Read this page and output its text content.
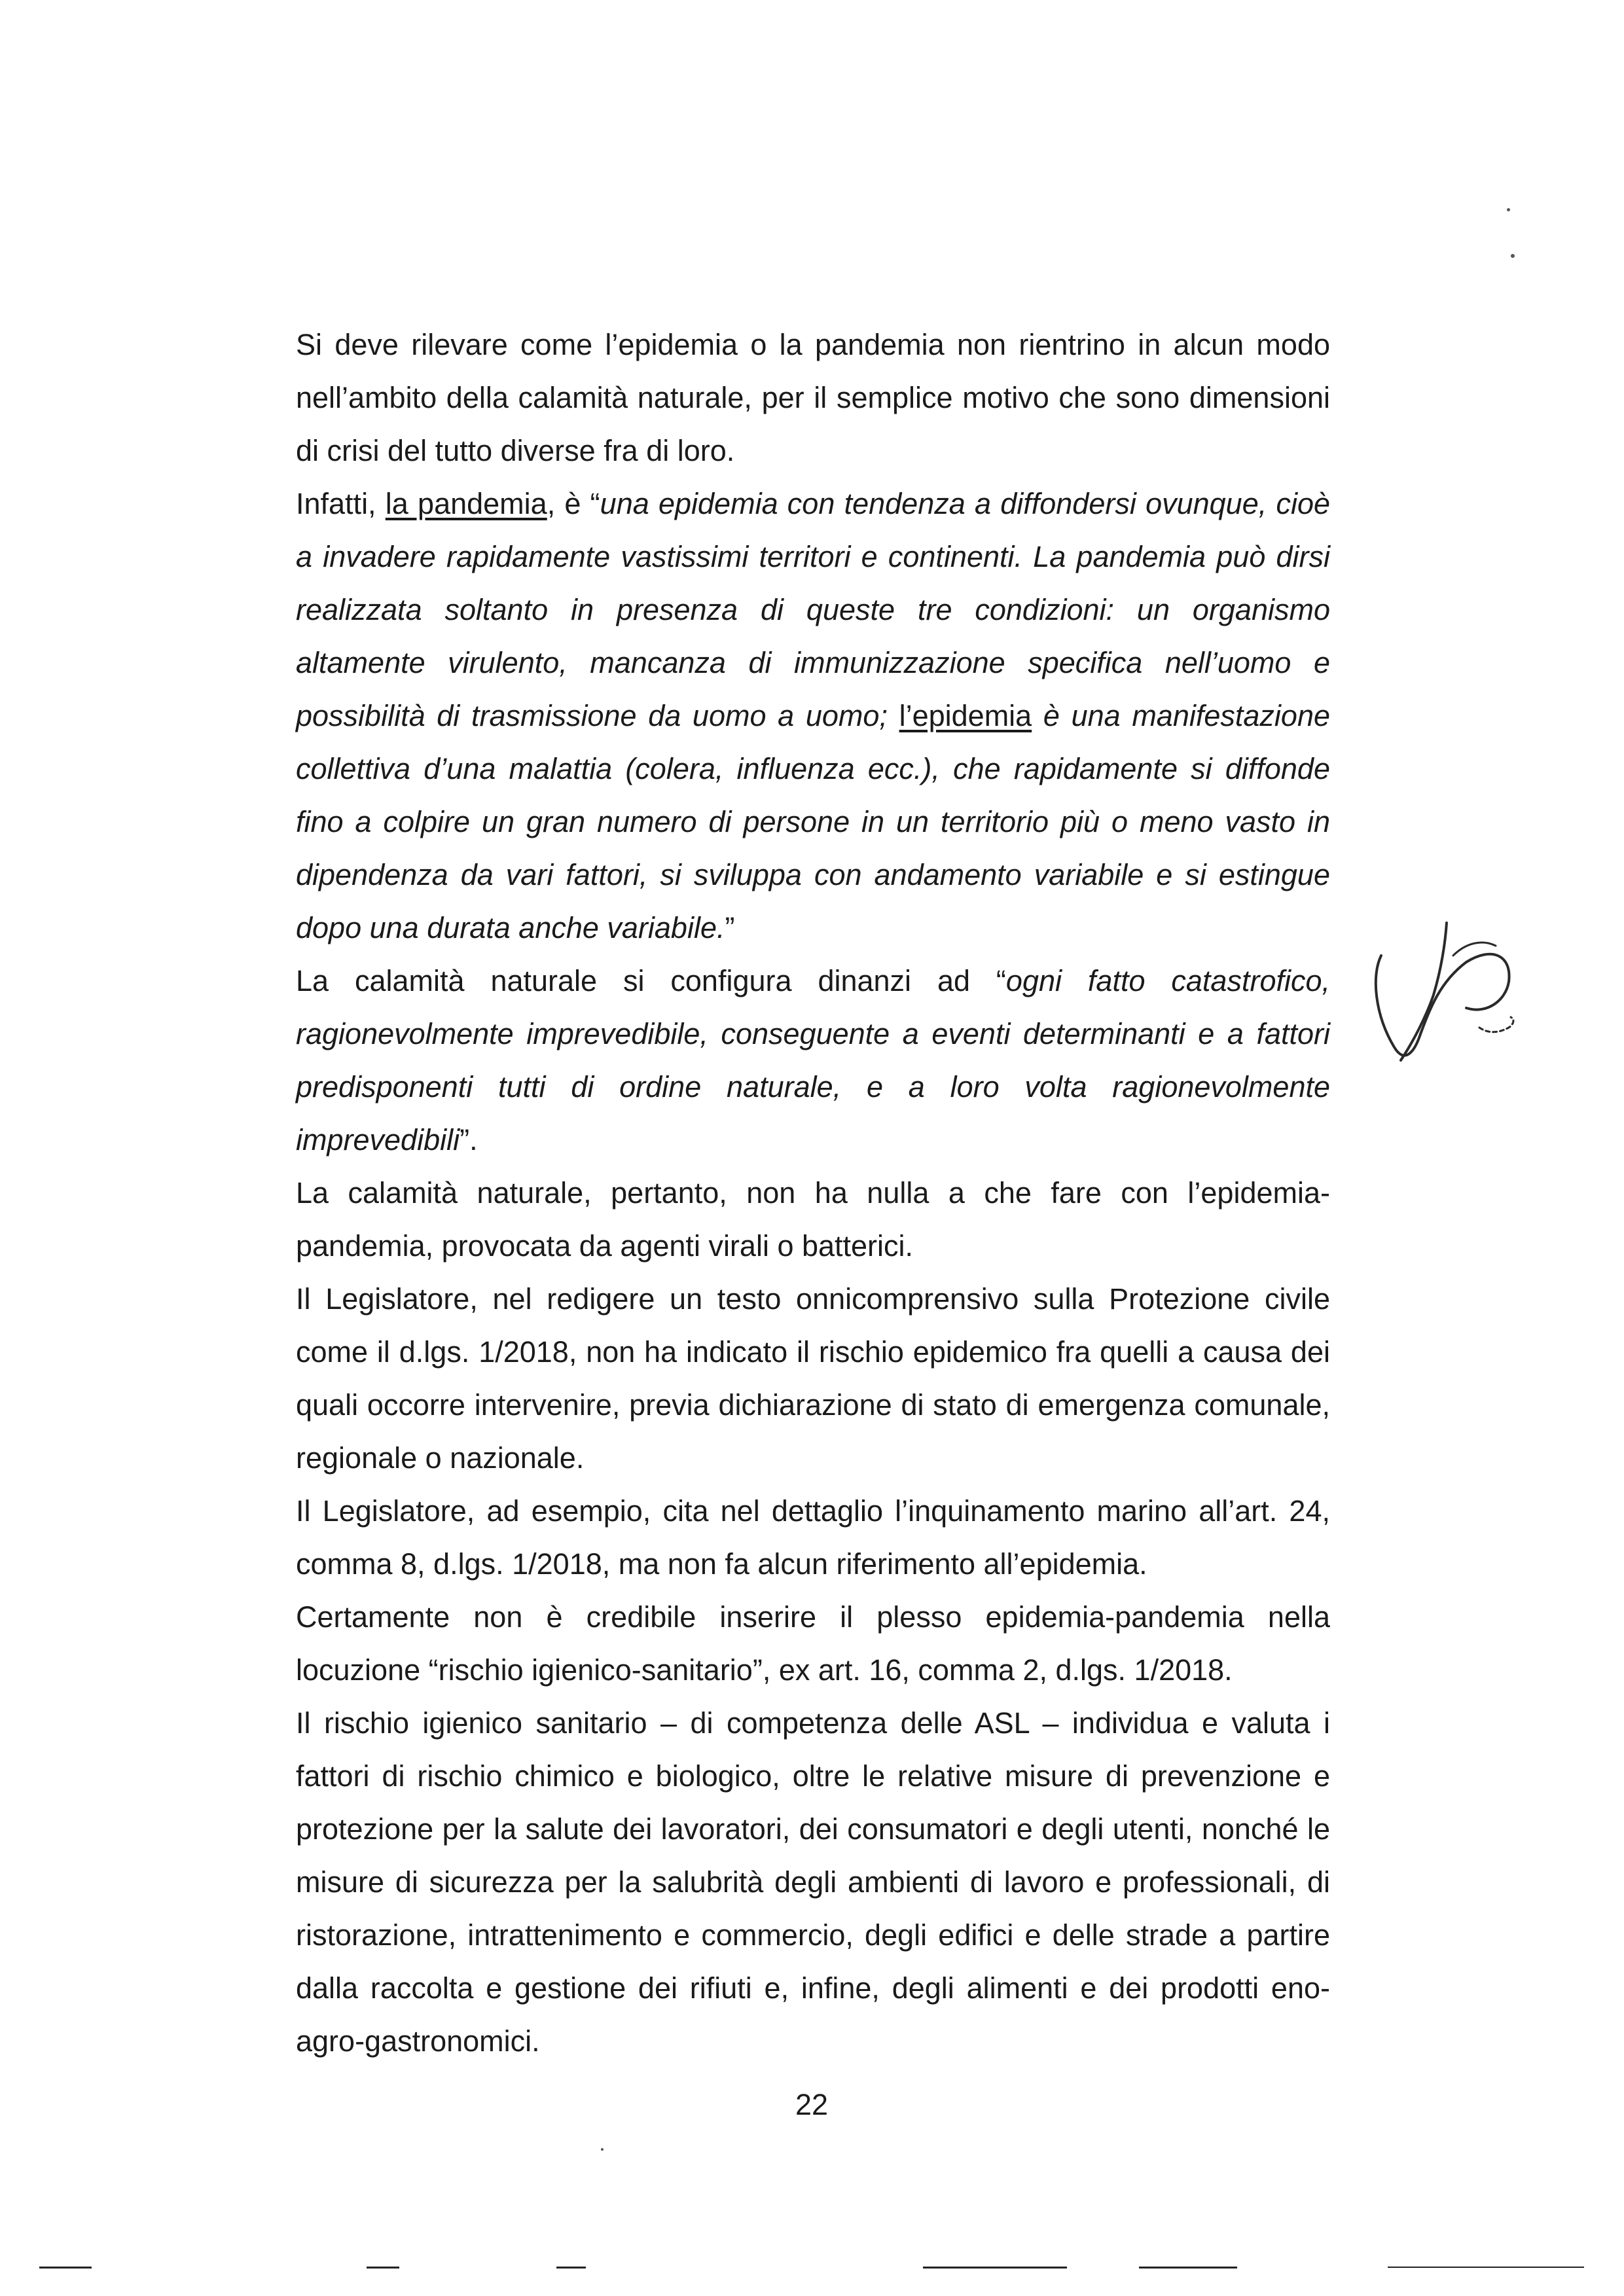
Si deve rilevare come l’epidemia o la pandemia non rientrino in alcun modo nell’ambito della calamità naturale, per il semplice motivo che sono dimensioni di crisi del tutto diverse fra di loro.

Infatti, la pandemia, è “una epidemia con tendenza a diffondersi ovunque, cioè a invadere rapidamente vastissimi territori e continenti. La pandemia può dirsi realizzata soltanto in presenza di queste tre condizioni: un organismo altamente virulento, mancanza di immunizzazione specifica nell’uomo e possibilità di trasmissione da uomo a uomo; l’epidemia è una manifestazione collettiva d’una malattia (colera, influenza ecc.), che rapidamente si diffonde fino a colpire un gran numero di persone in un territorio più o meno vasto in dipendenza da vari fattori, si sviluppa con andamento variabile e si estingue dopo una durata anche variabile.”

La calamità naturale si configura dinanzi ad “ogni fatto catastrofico, ragionevolmente imprevedibile, conseguente a eventi determinanti e a fattori predisponenti tutti di ordine naturale, e a loro volta ragionevolmente imprevedibili”.

La calamità naturale, pertanto, non ha nulla a che fare con l’epidemia-pandemia, provocata da agenti virali o batterici.

Il Legislatore, nel redigere un testo onnicomprensivo sulla Protezione civile come il d.lgs. 1/2018, non ha indicato il rischio epidemico fra quelli a causa dei quali occorre intervenire, previa dichiarazione di stato di emergenza comunale, regionale o nazionale.

Il Legislatore, ad esempio, cita nel dettaglio l’inquinamento marino all’art. 24, comma 8, d.lgs. 1/2018, ma non fa alcun riferimento all’epidemia.

Certamente non è credibile inserire il plesso epidemia-pandemia nella locuzione “rischio igienico-sanitario”, ex art. 16, comma 2, d.lgs. 1/2018.

Il rischio igienico sanitario – di competenza delle ASL – individua e valuta i fattori di rischio chimico e biologico, oltre le relative misure di prevenzione e protezione per la salute dei lavoratori, dei consumatori e degli utenti, nonché le misure di sicurezza per la salubrità degli ambienti di lavoro e professionali, di ristorazione, intrattenimento e commercio, degli edifici e delle strade a partire dalla raccolta e gestione dei rifiuti e, infine, degli alimenti e dei prodotti eno-agro-gastronomici.

22
